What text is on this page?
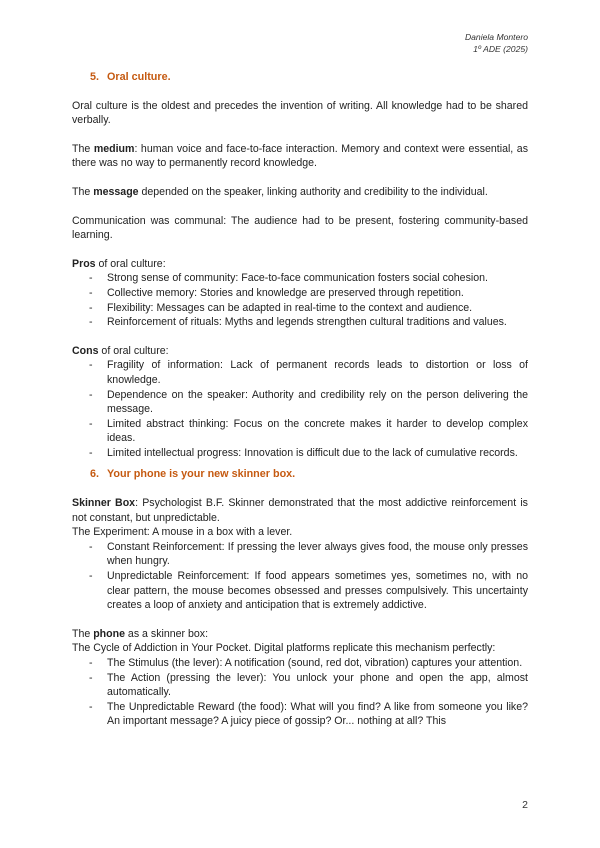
Daniela Montero
1º ADE (2025)
5. Oral culture.

Oral culture is the oldest and precedes the invention of writing. All knowledge had to be shared verbally.

The medium: human voice and face-to-face interaction. Memory and context were essential, as there was no way to permanently record knowledge.

The message depended on the speaker, linking authority and credibility to the individual.

Communication was communal: The audience had to be present, fostering community-based learning.

Pros of oral culture:

- Strong sense of community: Face-to-face communication fosters social cohesion.
- Collective memory: Stories and knowledge are preserved through repetition.
- Flexibility: Messages can be adapted in real-time to the context and audience.
- Reinforcement of rituals: Myths and legends strengthen cultural traditions and values.

Cons of oral culture:

- Fragility of information: Lack of permanent records leads to distortion or loss of knowledge.
- Dependence on the speaker: Authority and credibility rely on the person delivering the message.
- Limited abstract thinking: Focus on the concrete makes it harder to develop complex ideas.
- Limited intellectual progress: Innovation is difficult due to the lack of cumulative records.
6. Your phone is your new skinner box.

Skinner Box: Psychologist B.F. Skinner demonstrated that the most addictive reinforcement is not constant, but unpredictable.

The Experiment: A mouse in a box with a lever.

- Constant Reinforcement: If pressing the lever always gives food, the mouse only presses when hungry.
- Unpredictable Reinforcement: If food appears sometimes yes, sometimes no, with no clear pattern, the mouse becomes obsessed and presses compulsively. This uncertainty creates a loop of anxiety and anticipation that is extremely addictive.

The phone as a skinner box:

The Cycle of Addiction in Your Pocket. Digital platforms replicate this mechanism perfectly:

- The Stimulus (the lever): A notification (sound, red dot, vibration) captures your attention.
- The Action (pressing the lever): You unlock your phone and open the app, almost automatically.
- The Unpredictable Reward (the food): What will you find? A like from someone you like? An important message? A juicy piece of gossip? Or... nothing at all? This
2
